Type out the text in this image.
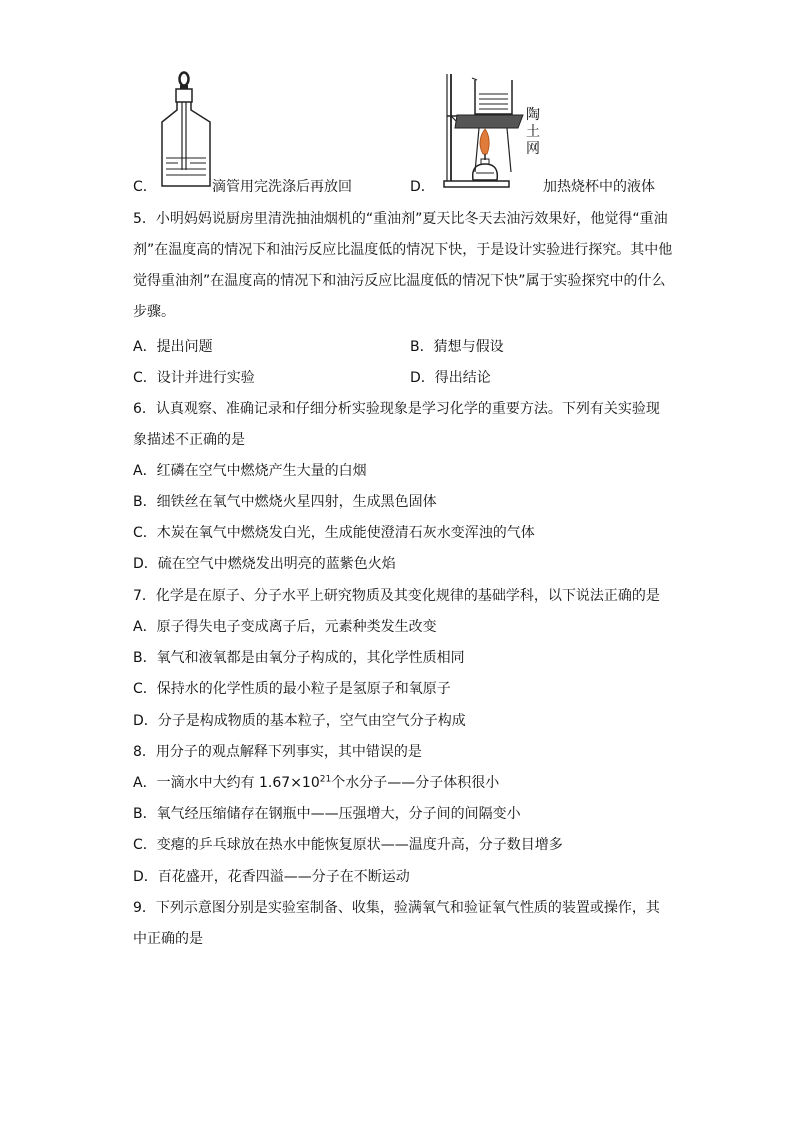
陶
土
网
C．	滴管用完洗涤后再放回	D．	加热烧杯中的液体
5．小明妈妈说厨房里清洗抽油烟机的“重油剂”夏天比冬天去油污效果好，他觉得“重油
剂”在温度高的情况下和油污反应比温度低的情况下快，于是设计实验进行探究。其中他
觉得重油剂”在温度高的情况下和油污反应比温度低的情况下快”属于实验探究中的什么
步骤。
A．提出问题	B．猜想与假设
C．设计并进行实验	D．得出结论
6．认真观察、准确记录和仔细分析实验现象是学习化学的重要方法。下列有关实验现
象描述不正确的是
A．红磷在空气中燃烧产生大量的白烟
B．细铁丝在氧气中燃烧火星四射，生成黑色固体
C．木炭在氧气中燃烧发白光，生成能使澄清石灰水变浑浊的气体
D．硫在空气中燃烧发出明亮的蓝紫色火焰
7．化学是在原子、分子水平上研究物质及其变化规律的基础学科，以下说法正确的是
A．原子得失电子变成离子后，元素种类发生改变
B．氧气和液氧都是由氧分子构成的，其化学性质相同
C．保持水的化学性质的最小粒子是氢原子和氧原子
D．分子是构成物质的基本粒子，空气由空气分子构成
8．用分子的观点解释下列事实，其中错误的是
A．一滴水中大约有 $1.67\times 10^{21}$个水分子——分子体积很小
B．氧气经压缩储存在钢瓶中——压强增大，分子间的间隔变小
C．变瘪的乒乓球放在热水中能恢复原状——温度升高，分子数目增多
D．百花盛开，花香四溢——分子在不断运动
9．下列示意图分别是实验室制备、收集，验满氧气和验证氧气性质的装置或操作，其
中正确的是
